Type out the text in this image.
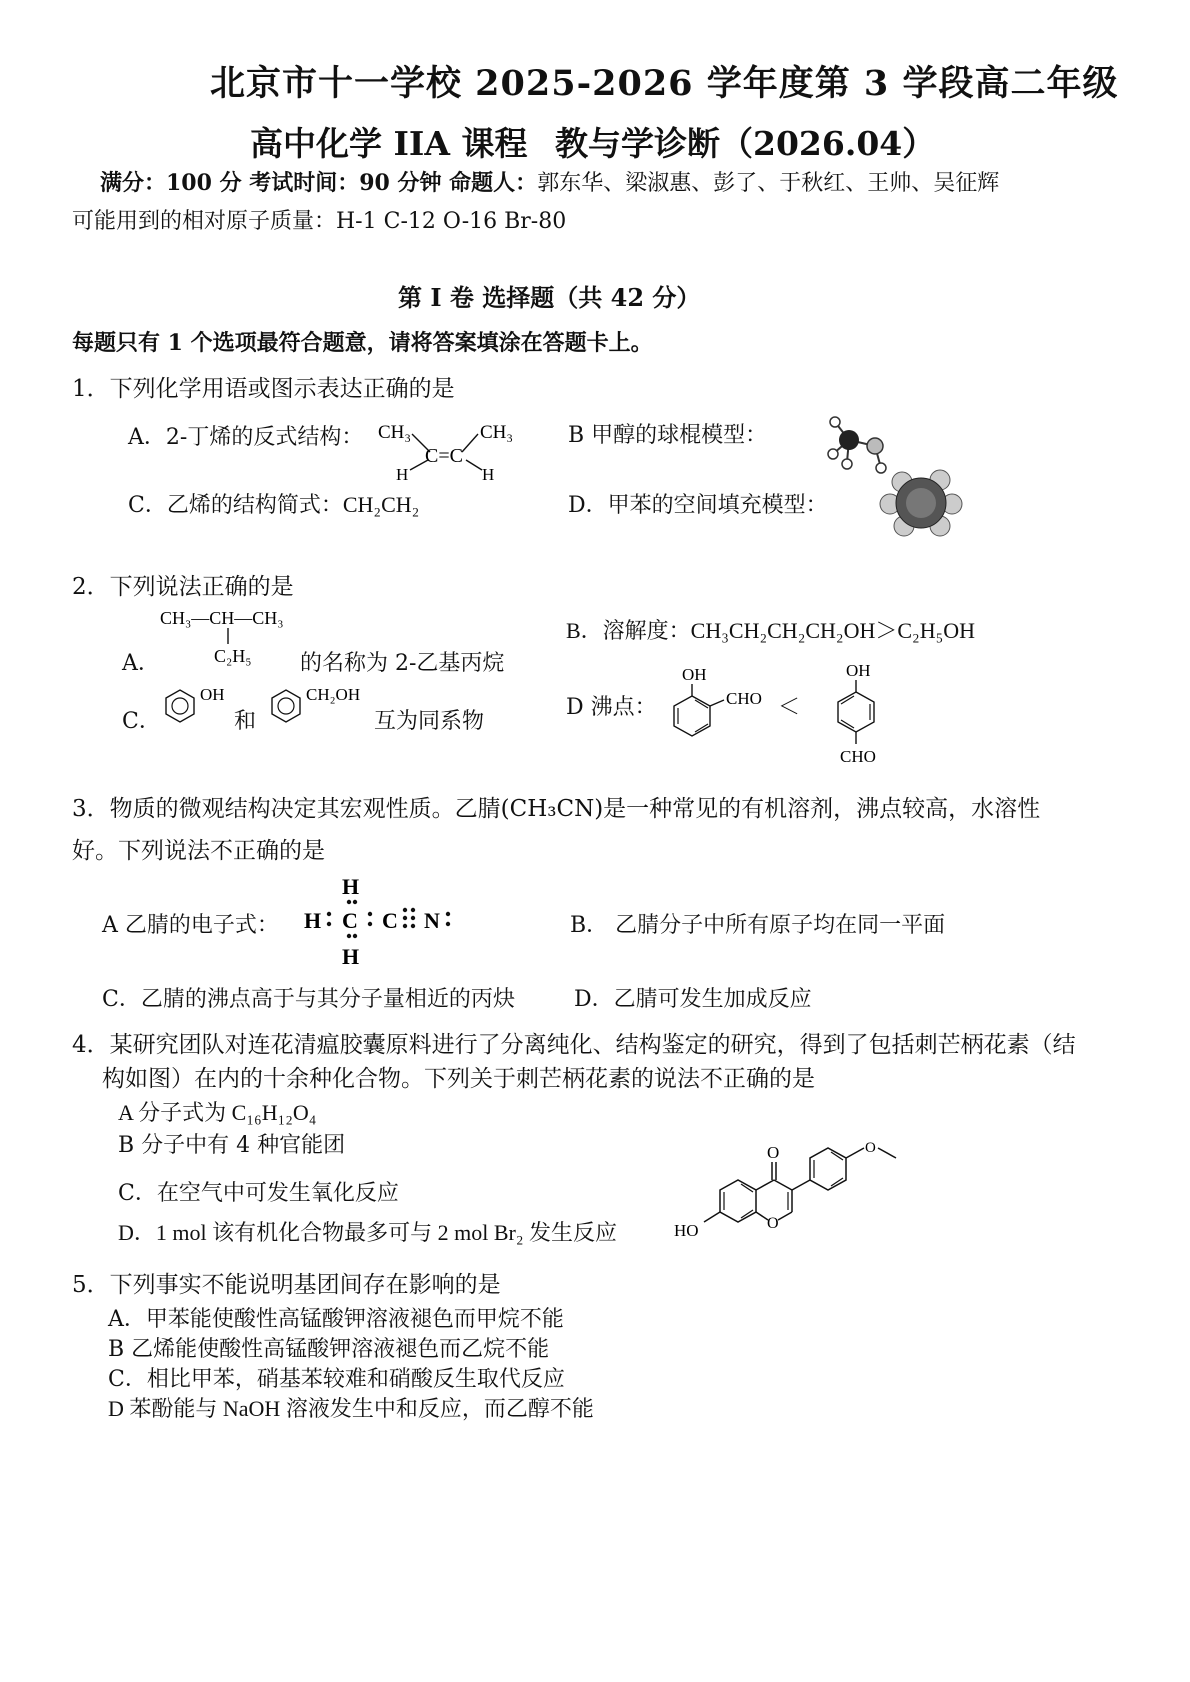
北京市十一学校 2025-2026 学年度第 3 学段高二年级
高中化学 IIA 课程 教与学诊断（2026.04）
满分：100 分 考试时间：90 分钟 命题人：郭东华、梁淑惠、彭了、于秋红、王帅、吴征辉
可能用到的相对原子质量：H-1 C-12 O-16 Br-80
第 I 卷 选择题（共 42 分）
每题只有 1 个选项最符合题意，请将答案填涂在答题卡上。
1．下列化学用语或图示表达正确的是
A．2-丁烯的反式结构： CH₃	CH₃
C=C
H	H
B 甲醇的球棍模型：
C．乙烯的结构简式：CH₂CH₂	D．甲苯的空间填充模型：
2．下列说法正确的是
A．
CH₃—CH—CH₃
C₂H₅ 的名称为 2-乙基丙烷
B．溶解度：CH₃CH₂CH₂CH₂OH＞C₂H₅OH
C．
OH
和
CH₂OH
互为同系物
D 沸点：
OH
CHO ＜
OH
CHO
3．物质的微观结构决定其宏观性质。乙腈(CH₃CN)是一种常见的有机溶剂，沸点较高，水溶性
好。下列说法不正确的是
A 乙腈的电子式：
H
H C C N
H
B． 乙腈分子中所有原子均在同一平面
C．乙腈的沸点高于与其分子量相近的丙炔	D．乙腈可发生加成反应
4．某研究团队对连花清瘟胶囊原料进行了分离纯化、结构鉴定的研究，得到了包括刺芒柄花素（结
构如图）在内的十余种化合物。下列关于刺芒柄花素的说法不正确的是
A 分子式为 C₁₆H₁₂O₄
B 分子中有 4 种官能团
C．在空气中可发生氧化反应
D．1 mol 该有机化合物最多可与 2 mol Br₂ 发生反应	O
O	O
HO
5．下列事实不能说明基团间存在影响的是
A．甲苯能使酸性高锰酸钾溶液褪色而甲烷不能
B 乙烯能使酸性高锰酸钾溶液褪色而乙烷不能
C．相比甲苯，硝基苯较难和硝酸反生取代反应
D 苯酚能与 NaOH 溶液发生中和反应，而乙醇不能
